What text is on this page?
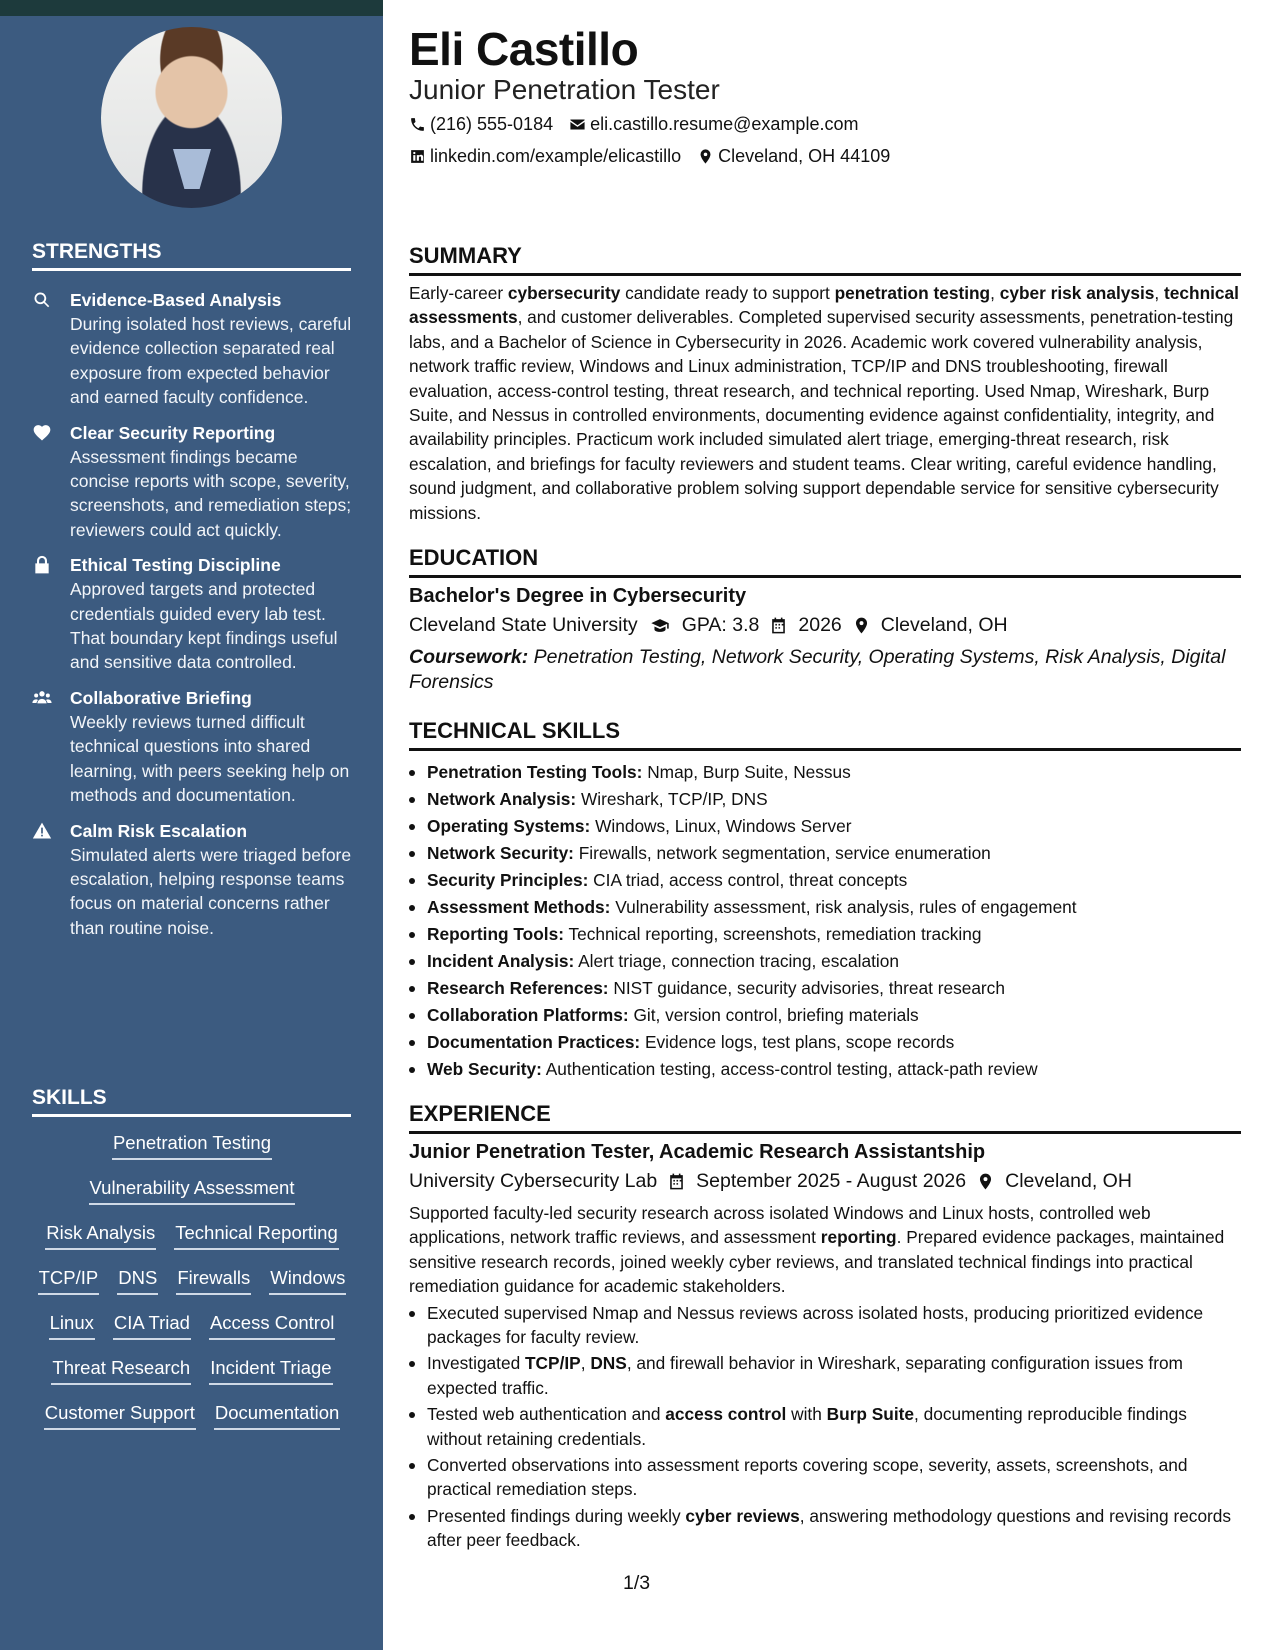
STRENGTHS
Evidence-Based Analysis
During isolated host reviews, careful evidence collection separated real exposure from expected behavior and earned faculty confidence.
Clear Security Reporting
Assessment findings became concise reports with scope, severity, screenshots, and remediation steps; reviewers could act quickly.
Ethical Testing Discipline
Approved targets and protected credentials guided every lab test. That boundary kept findings useful and sensitive data controlled.
Collaborative Briefing
Weekly reviews turned difficult technical questions into shared learning, with peers seeking help on methods and documentation.
Calm Risk Escalation
Simulated alerts were triaged before escalation, helping response teams focus on material concerns rather than routine noise.
SKILLS
Penetration Testing
Vulnerability Assessment
Risk Analysis Technical Reporting
TCP/IP DNS Firewalls Windows
Linux CIA Triad Access Control
Threat Research Incident Triage
Customer Support Documentation
Eli Castillo
Junior Penetration Tester
(216) 555-0184 eli.castillo.resume@example.com
linkedin.com/example/elicastillo Cleveland, OH 44109
SUMMARY
Early-career cybersecurity candidate ready to support penetration testing, cyber risk analysis, technical assessments, and customer deliverables. Completed supervised security assessments, penetration-testing labs, and a Bachelor of Science in Cybersecurity in 2026. Academic work covered vulnerability analysis, network traffic review, Windows and Linux administration, TCP/IP and DNS troubleshooting, firewall evaluation, access-control testing, threat research, and technical reporting. Used Nmap, Wireshark, Burp Suite, and Nessus in controlled environments, documenting evidence against confidentiality, integrity, and availability principles. Practicum work included simulated alert triage, emerging-threat research, risk escalation, and briefings for faculty reviewers and student teams. Clear writing, careful evidence handling, sound judgment, and collaborative problem solving support dependable service for sensitive cybersecurity missions.
EDUCATION
Bachelor's Degree in Cybersecurity
Cleveland State University GPA: 3.8 2026 Cleveland, OH
Coursework: Penetration Testing, Network Security, Operating Systems, Risk Analysis, Digital Forensics
TECHNICAL SKILLS
Penetration Testing Tools: Nmap, Burp Suite, Nessus
Network Analysis: Wireshark, TCP/IP, DNS
Operating Systems: Windows, Linux, Windows Server
Network Security: Firewalls, network segmentation, service enumeration
Security Principles: CIA triad, access control, threat concepts
Assessment Methods: Vulnerability assessment, risk analysis, rules of engagement
Reporting Tools: Technical reporting, screenshots, remediation tracking
Incident Analysis: Alert triage, connection tracing, escalation
Research References: NIST guidance, security advisories, threat research
Collaboration Platforms: Git, version control, briefing materials
Documentation Practices: Evidence logs, test plans, scope records
Web Security: Authentication testing, access-control testing, attack-path review
EXPERIENCE
Junior Penetration Tester, Academic Research Assistantship
University Cybersecurity Lab September 2025 - August 2026 Cleveland, OH
Supported faculty-led security research across isolated Windows and Linux hosts, controlled web applications, network traffic reviews, and assessment reporting. Prepared evidence packages, maintained sensitive research records, joined weekly cyber reviews, and translated technical findings into practical remediation guidance for academic stakeholders.
Executed supervised Nmap and Nessus reviews across isolated hosts, producing prioritized evidence packages for faculty review.
Investigated TCP/IP, DNS, and firewall behavior in Wireshark, separating configuration issues from expected traffic.
Tested web authentication and access control with Burp Suite, documenting reproducible findings without retaining credentials.
Converted observations into assessment reports covering scope, severity, assets, screenshots, and practical remediation steps.
Presented findings during weekly cyber reviews, answering methodology questions and revising records after peer feedback.
1/3
